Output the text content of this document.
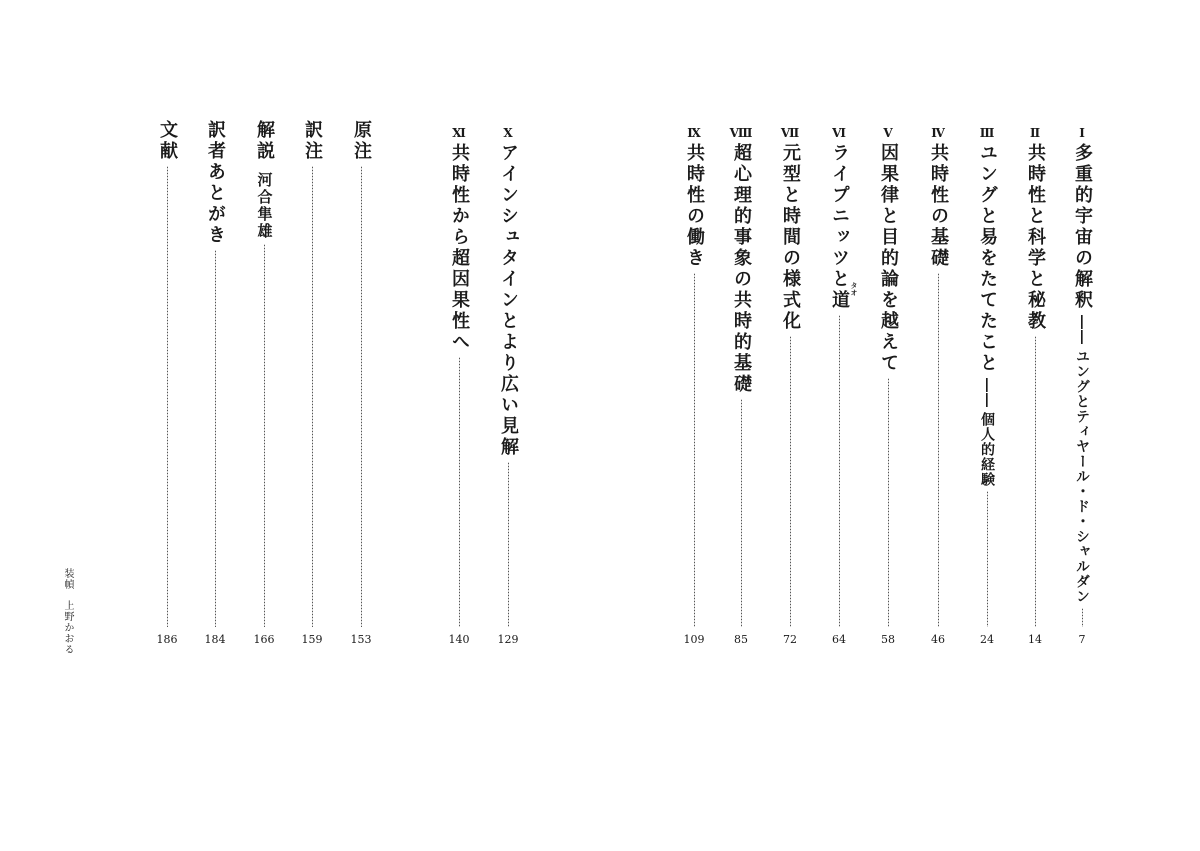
Ⅰ
多重的宇宙の解釈
――
ユングとティヤール・ド・シャルダン
7
Ⅱ
共時性と科学と秘教
14
Ⅲ
ユングと易をたてたこと
――
個人的経験
24
Ⅳ
共時性の基礎
46
Ⅴ
因果律と目的論を越えて
58
Ⅵ
ライプニッツと道
64
タオ
Ⅶ
元型と時間の様式化
72
Ⅷ
超心理的事象の共時的基礎
85
Ⅸ
共時性の働き
109
Ⅹ
アインシュタインとより広い見解
129
Ⅺ
共時性から超因果性へ
140
原注
153
訳注
159
解説
河合隼雄
166
訳者あとがき
184
文献
186
装幀上野かおる
